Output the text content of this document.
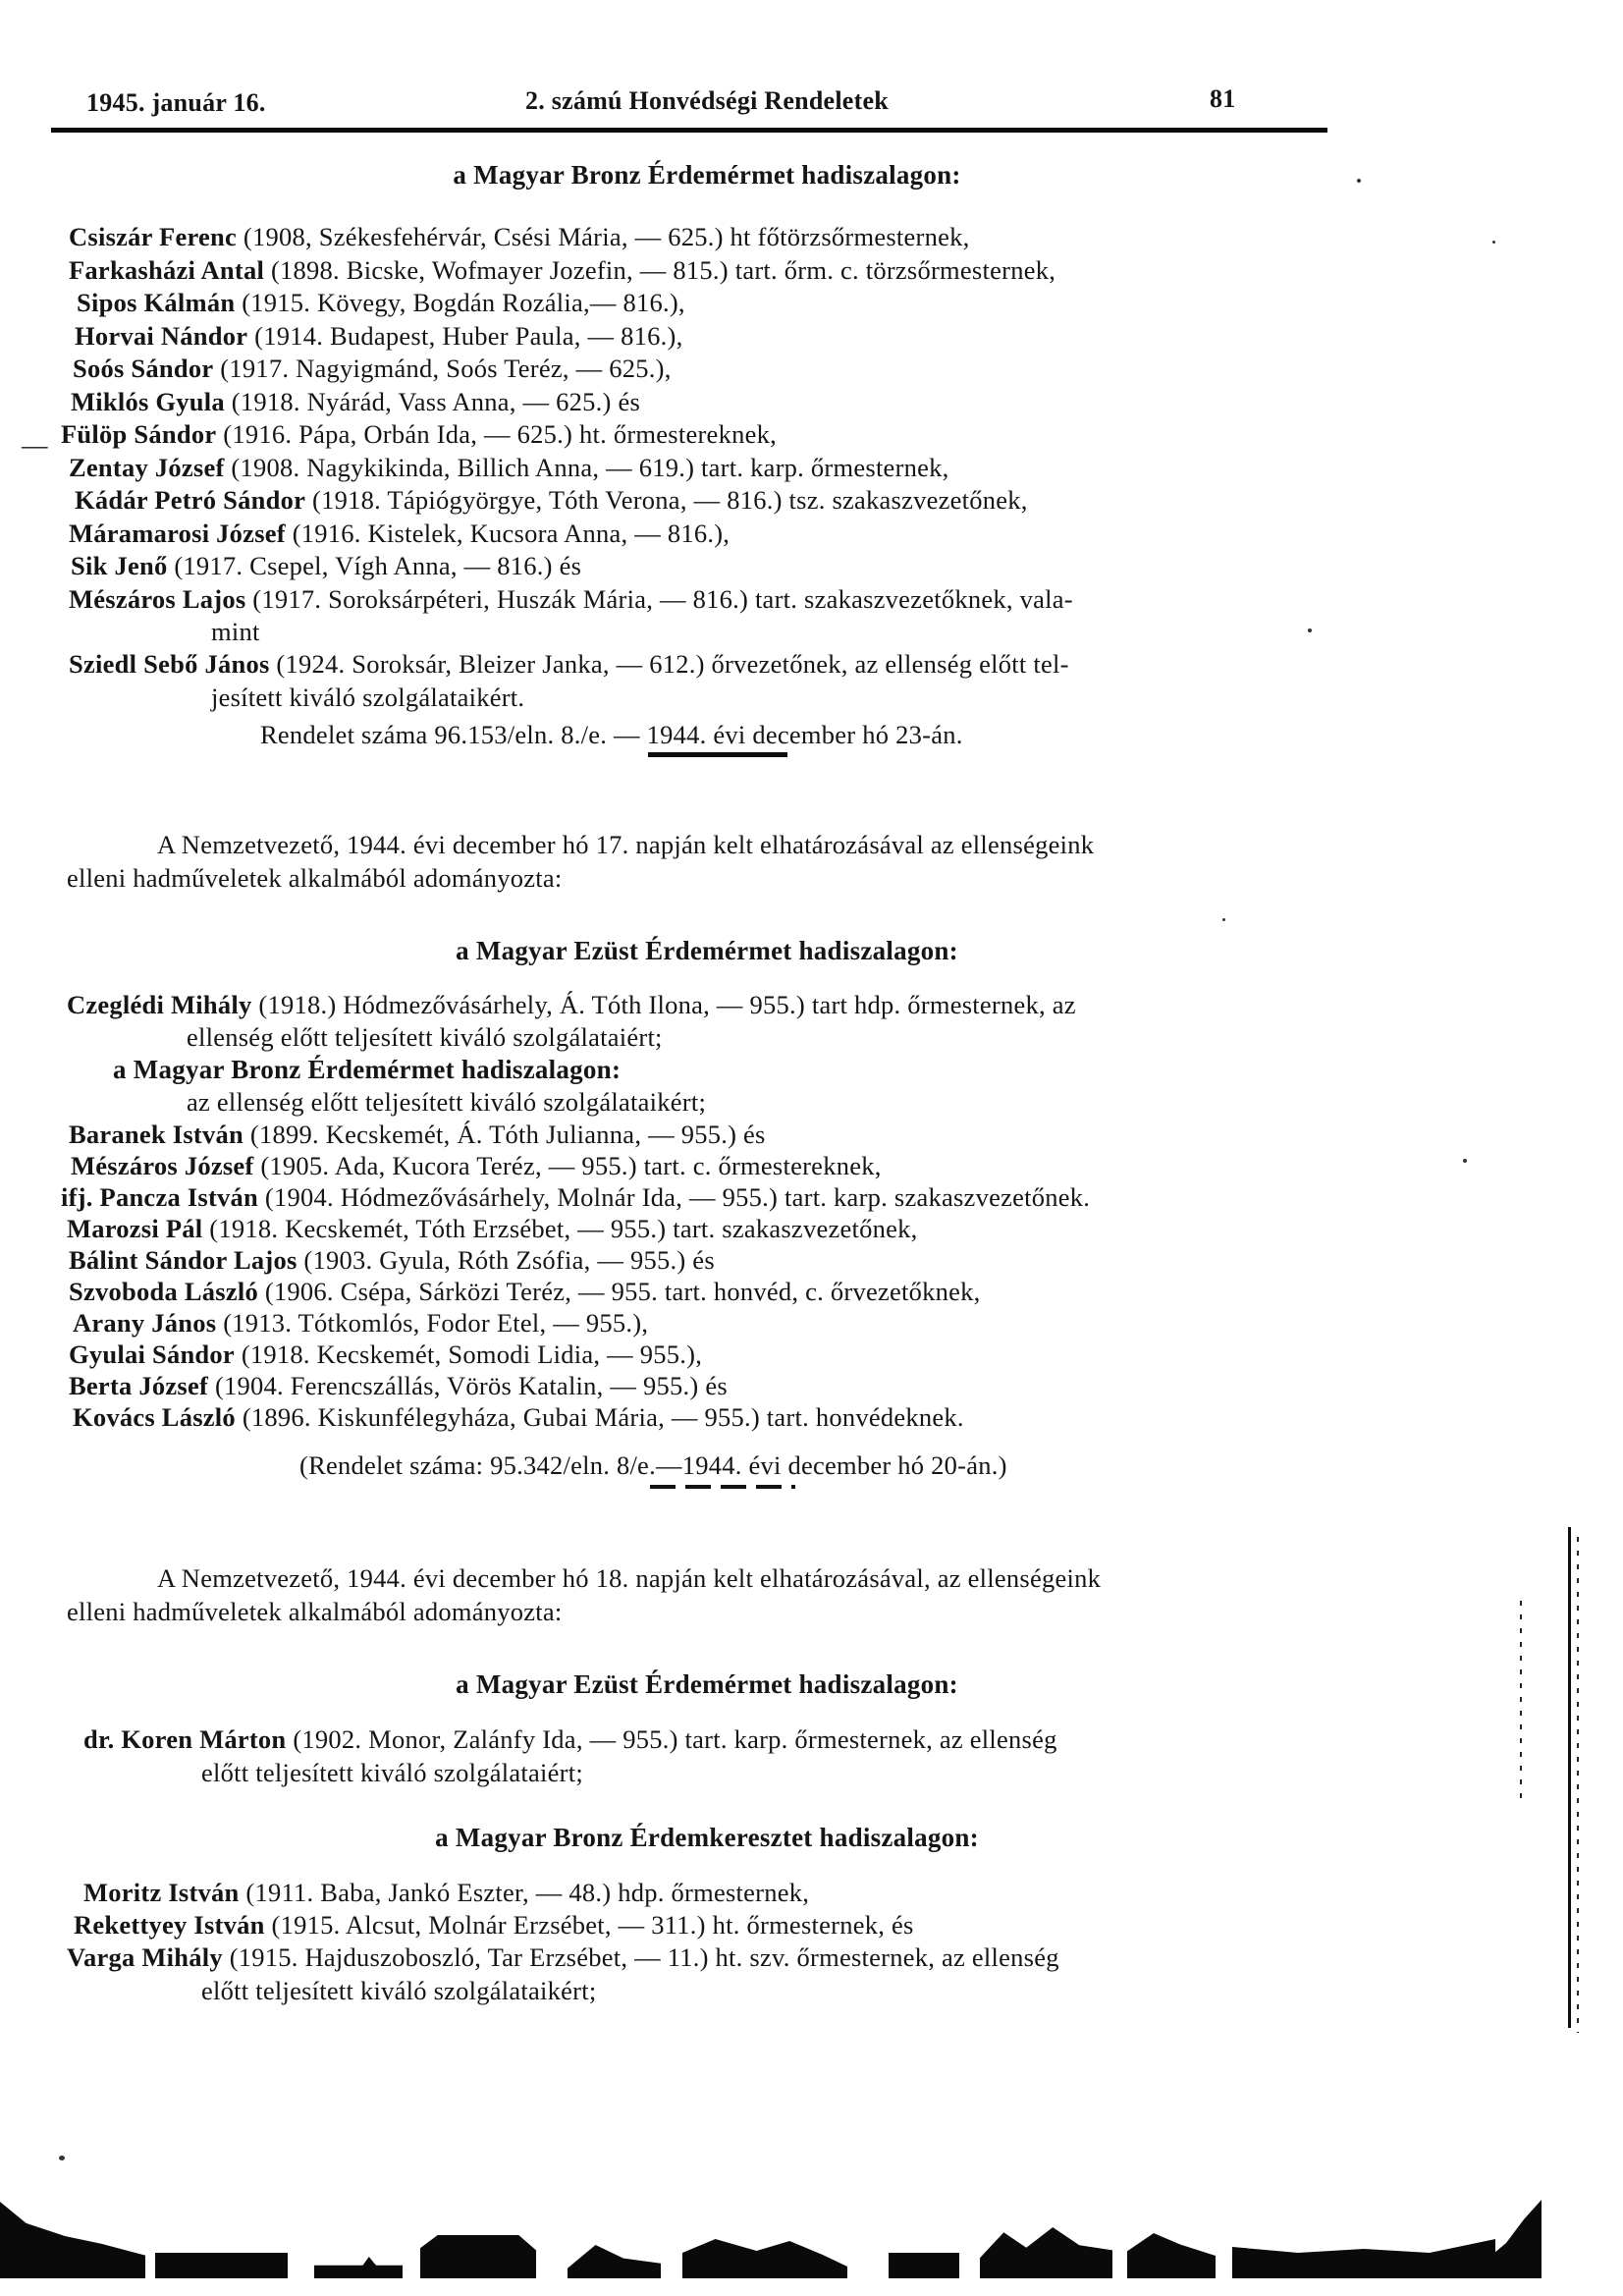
1945. január 16.	2. számú Honvédségi Rendeletek	81
a Magyar Bronz Érdemérmet hadiszalagon:
Csiszár Ferenc (1908, Székesfehérvár, Csési Mária, — 625.) ht főtörzsőrmesternek,
Farkasházi Antal (1898. Bicske, Wofmayer Jozefin, — 815.) tart. őrm. c. törzsőrmesternek,
Sipos Kálmán (1915. Kövegy, Bogdán Rozália,— 816.),
Horvai Nándor (1914. Budapest, Huber Paula, — 816.),
Soós Sándor (1917. Nagyigmánd, Soós Teréz, — 625.),
Miklós Gyula (1918. Nyárád, Vass Anna, — 625.) és
— Fülöp Sándor (1916. Pápa, Orbán Ida, — 625.) ht. őrmestereknek,
Zentay József (1908. Nagykikinda, Billich Anna, — 619.) tart. karp. őrmesternek,
Kádár Petró Sándor (1918. Tápiógyörgye, Tóth Verona, — 816.) tsz. szakaszvezetőnek,
Máramarosi József (1916. Kistelek, Kucsora Anna, — 816.),
Sik Jenő (1917. Csepel, Vígh Anna, — 816.) és
Mészáros Lajos (1917. Soroksárpéteri, Huszák Mária, — 816.) tart. szakaszvezetőknek, vala-
mint
Sziedl Sebő János (1924. Soroksár, Bleizer Janka, — 612.) őrvezetőnek, az ellenség előtt tel-
jesített kiváló szolgálataikért.
Rendelet száma 96.153/eln. 8./e. — 1944. évi december hó 23-án.
A Nemzetvezető, 1944. évi december hó 17. napján kelt elhatározásával az ellenségeink
elleni hadműveletek alkalmából adományozta:
a Magyar Ezüst Érdemérmet hadiszalagon:
Czeglédi Mihály (1918.) Hódmezővásárhely, Á. Tóth Ilona, — 955.) tart hdp. őrmesternek, az
ellenség előtt teljesített kiváló szolgálataiért;
a Magyar Bronz Érdemérmet hadiszalagon:
az ellenség előtt teljesített kiváló szolgálataikért;
Baranek István (1899. Kecskemét, Á. Tóth Julianna, — 955.) és
Mészáros József (1905. Ada, Kucora Teréz, — 955.) tart. c. őrmestereknek,
ifj. Pancza István (1904. Hódmezővásárhely, Molnár Ida, — 955.) tart. karp. szakaszvezetőnek.
Marozsi Pál (1918. Kecskemét, Tóth Erzsébet, — 955.) tart. szakaszvezetőnek,
Bálint Sándor Lajos (1903. Gyula, Róth Zsófia, — 955.) és
Szvoboda László (1906. Csépa, Sárközi Teréz, — 955. tart. honvéd, c. őrvezetőknek,
Arany János (1913. Tótkomlós, Fodor Etel, — 955.),
Gyulai Sándor (1918. Kecskemét, Somodi Lidia, — 955.),
Berta József (1904. Ferencszállás, Vörös Katalin, — 955.) és
Kovács László (1896. Kiskunfélegyháza, Gubai Mária, — 955.) tart. honvédeknek.
(Rendelet száma: 95.342/eln. 8/e.—1944. évi december hó 20-án.)
A Nemzetvezető, 1944. évi december hó 18. napján kelt elhatározásával, az ellenségeink
elleni hadműveletek alkalmából adományozta:
a Magyar Ezüst Érdemérmet hadiszalagon:
dr. Koren Márton (1902. Monor, Zalánfy Ida, — 955.) tart. karp. őrmesternek, az ellenség
előtt teljesített kiváló szolgálataiért;
a Magyar Bronz Érdemkeresztet hadiszalagon:
Moritz István (1911. Baba, Jankó Eszter, — 48.) hdp. őrmesternek,
Rekettyey István (1915. Alcsut, Molnár Erzsébet, — 311.) ht. őrmesternek, és
Varga Mihály (1915. Hajduszoboszló, Tar Erzsébet, — 11.) ht. szv. őrmesternek, az ellenség
előtt teljesített kiváló szolgálataikért;
